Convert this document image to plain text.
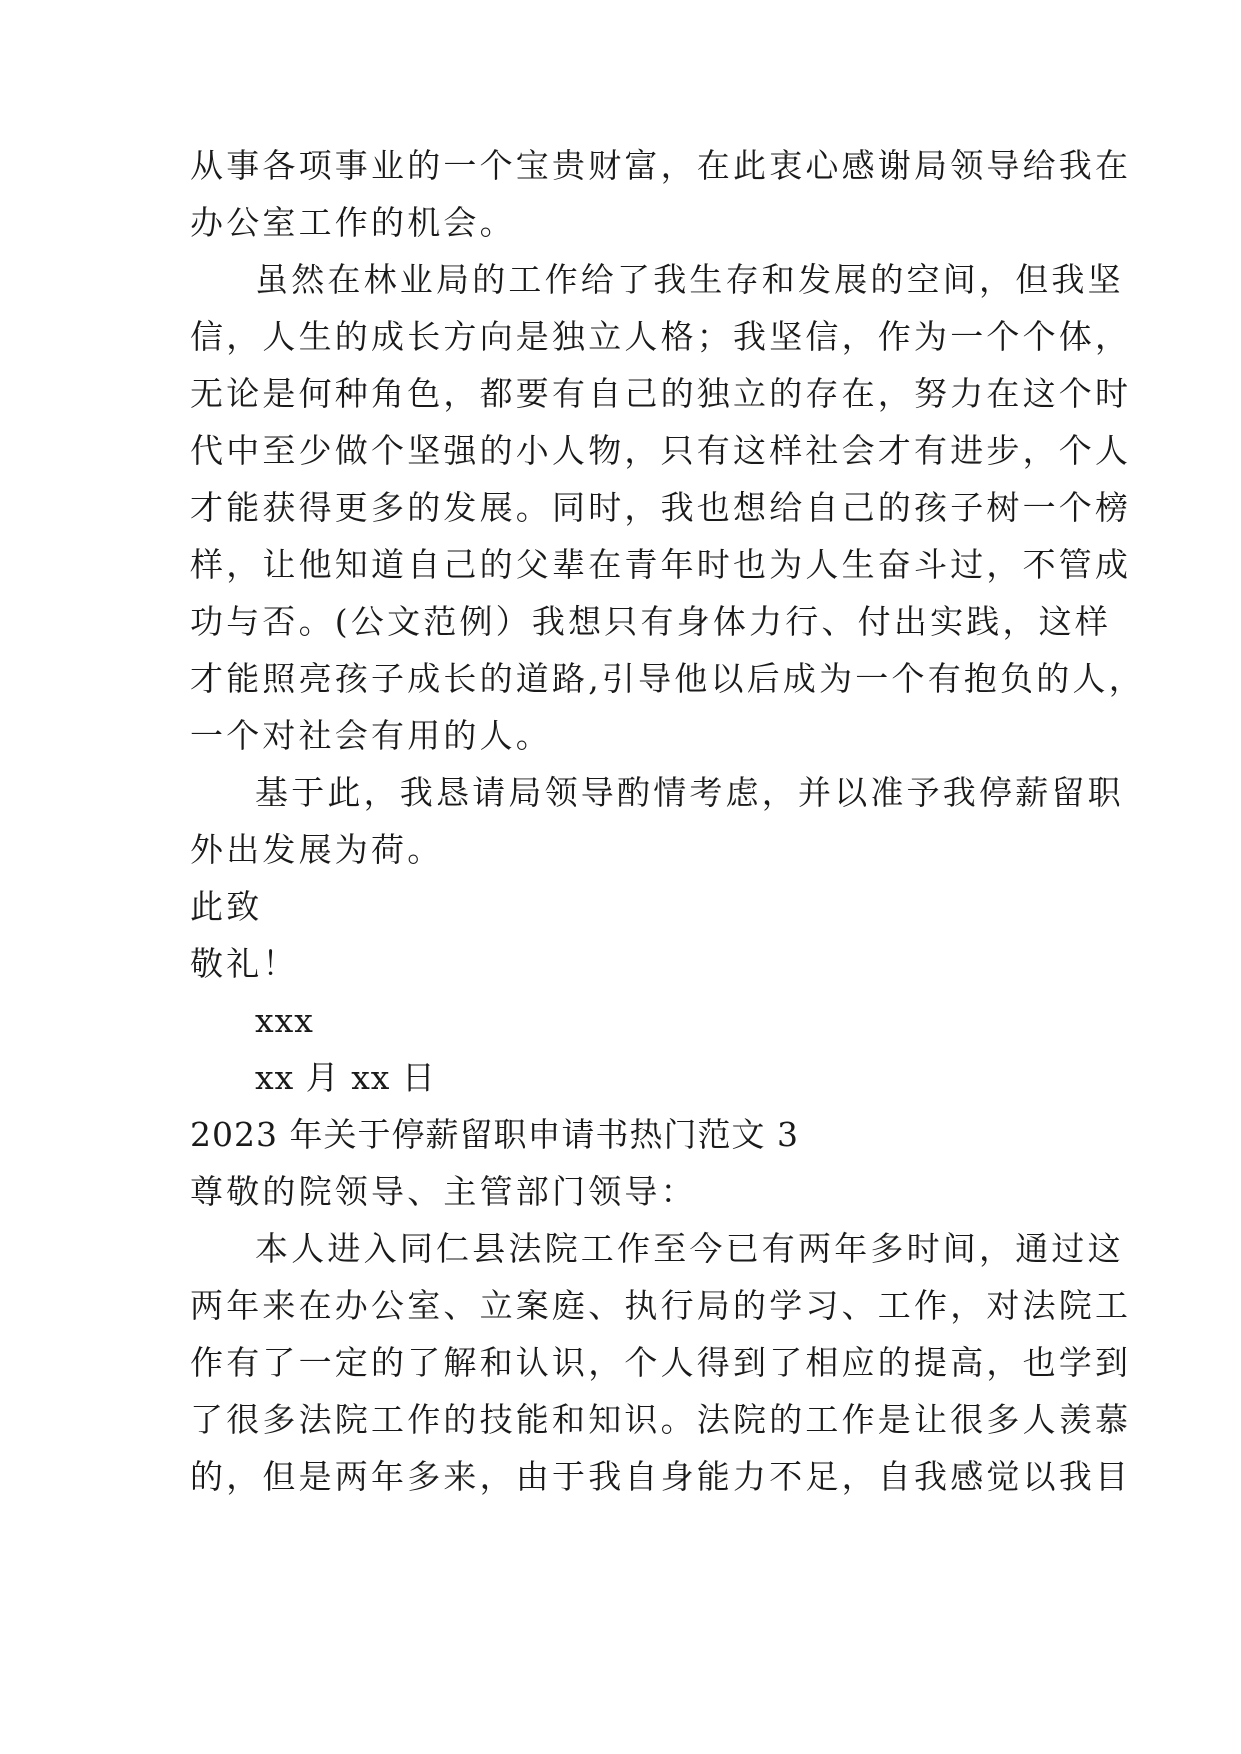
从事各项事业的一个宝贵财富，在此衷心感谢局领导给我在
办公室工作的机会。
虽然在林业局的工作给了我生存和发展的空间，但我坚
信，人生的成长方向是独立人格；我坚信，作为一个个体，
无论是何种角色，都要有自己的独立的存在，努力在这个时
代中至少做个坚强的小人物，只有这样社会才有进步，个人
才能获得更多的发展。同时，我也想给自己的孩子树一个榜
样，让他知道自己的父辈在青年时也为人生奋斗过，不管成
功与否。(公文范例）我想只有身体力行、付出实践，这样
才能照亮孩子成长的道路,引导他以后成为一个有抱负的人，
一个对社会有用的人。
基于此，我恳请局领导酌情考虑，并以准予我停薪留职
外出发展为荷。
此致
敬礼！
xxx
xx 月 xx 日
2023 年关于停薪留职申请书热门范文 3
尊敬的院领导、主管部门领导：
本人进入同仁县法院工作至今已有两年多时间，通过这
两年来在办公室、立案庭、执行局的学习、工作，对法院工
作有了一定的了解和认识，个人得到了相应的提高，也学到
了很多法院工作的技能和知识。法院的工作是让很多人羡慕
的，但是两年多来，由于我自身能力不足，自我感觉以我目
